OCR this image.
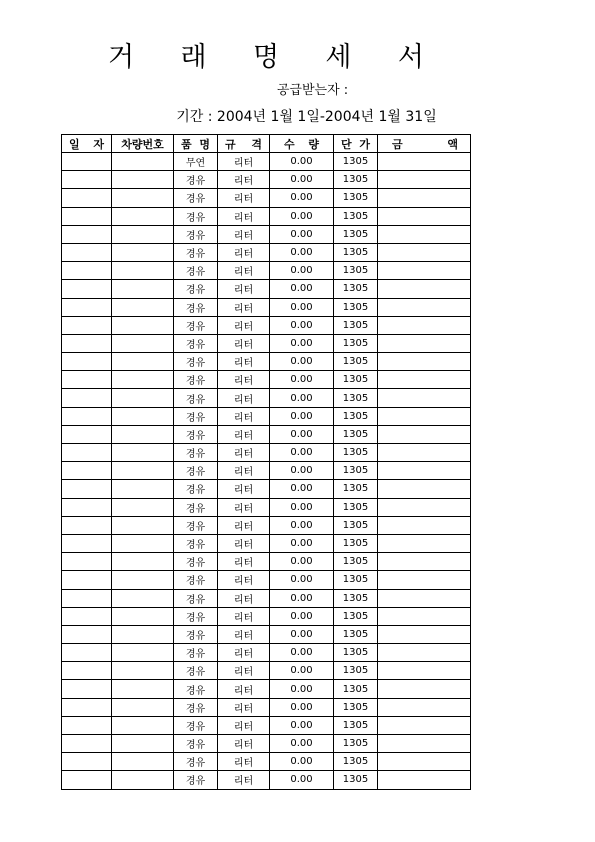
거 래 명 세 서
공급받는자 :
기간 : 2004년 1월 1일-2004년 1월 31일
일 자	차량번호	품 명	규 격	수 량	단 가	금 액

		무연	리터	0.00	1305	
		경유	리터	0.00	1305	
		경유	리터	0.00	1305	
		경유	리터	0.00	1305	
		경유	리터	0.00	1305	
		경유	리터	0.00	1305	
		경유	리터	0.00	1305	
		경유	리터	0.00	1305	
		경유	리터	0.00	1305	
		경유	리터	0.00	1305	
		경유	리터	0.00	1305	
		경유	리터	0.00	1305	
		경유	리터	0.00	1305	
		경유	리터	0.00	1305	
		경유	리터	0.00	1305	
		경유	리터	0.00	1305	
		경유	리터	0.00	1305	
		경유	리터	0.00	1305	
		경유	리터	0.00	1305	
		경유	리터	0.00	1305	
		경유	리터	0.00	1305	
		경유	리터	0.00	1305	
		경유	리터	0.00	1305	
		경유	리터	0.00	1305	
		경유	리터	0.00	1305	
		경유	리터	0.00	1305	
		경유	리터	0.00	1305	
		경유	리터	0.00	1305	
		경유	리터	0.00	1305	
		경유	리터	0.00	1305	
		경유	리터	0.00	1305	
		경유	리터	0.00	1305	
		경유	리터	0.00	1305	
		경유	리터	0.00	1305	
		경유	리터	0.00	1305	
